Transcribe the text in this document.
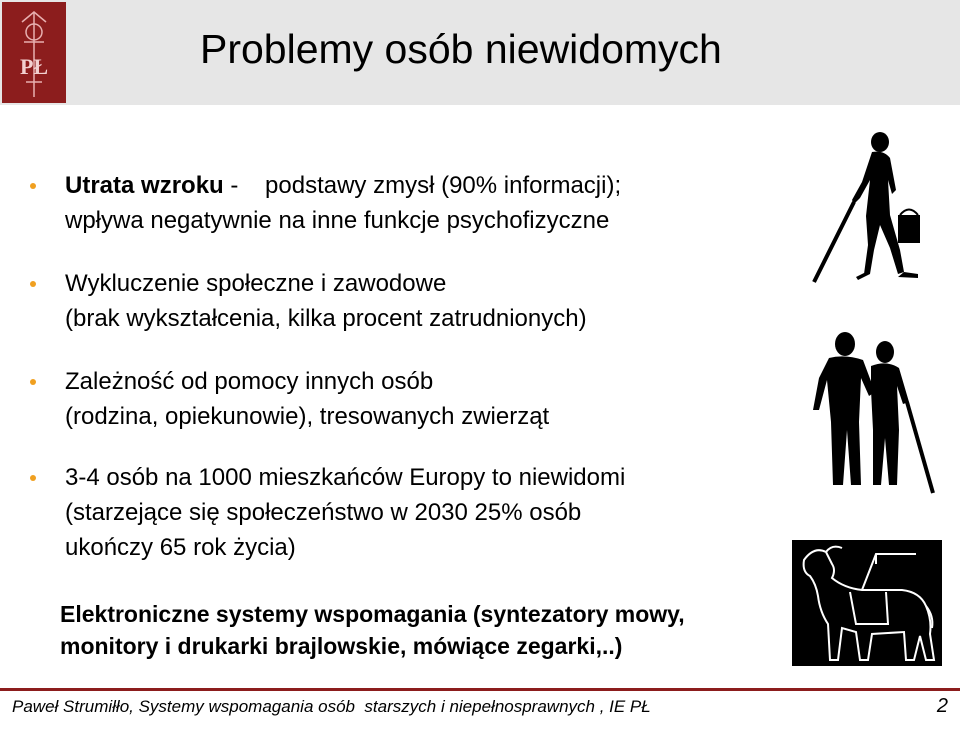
PŁ	Problemy osób niewidomych
Utrata wzroku -    podstawy zmysł (90% informacji);
wpływa negatywnie na inne funkcje psychofizyczne
Wykluczenie społeczne i zawodowe
(brak wykształcenia, kilka procent zatrudnionych)
Zależność od pomocy innych osób
(rodzina, opiekunowie), tresowanych zwierząt
3-4 osób na 1000 mieszkańców Europy to niewidomi
(starzejące się społeczeństwo w 2030 25% osób
ukończy 65 rok życia)
Elektroniczne systemy wspomagania (syntezatory mowy,
monitory i drukarki brajlowskie, mówiące zegarki,..)
Paweł Strumiłło, Systemy wspomagania osób  starszych i niepełnosprawnych , IE PŁ	2
